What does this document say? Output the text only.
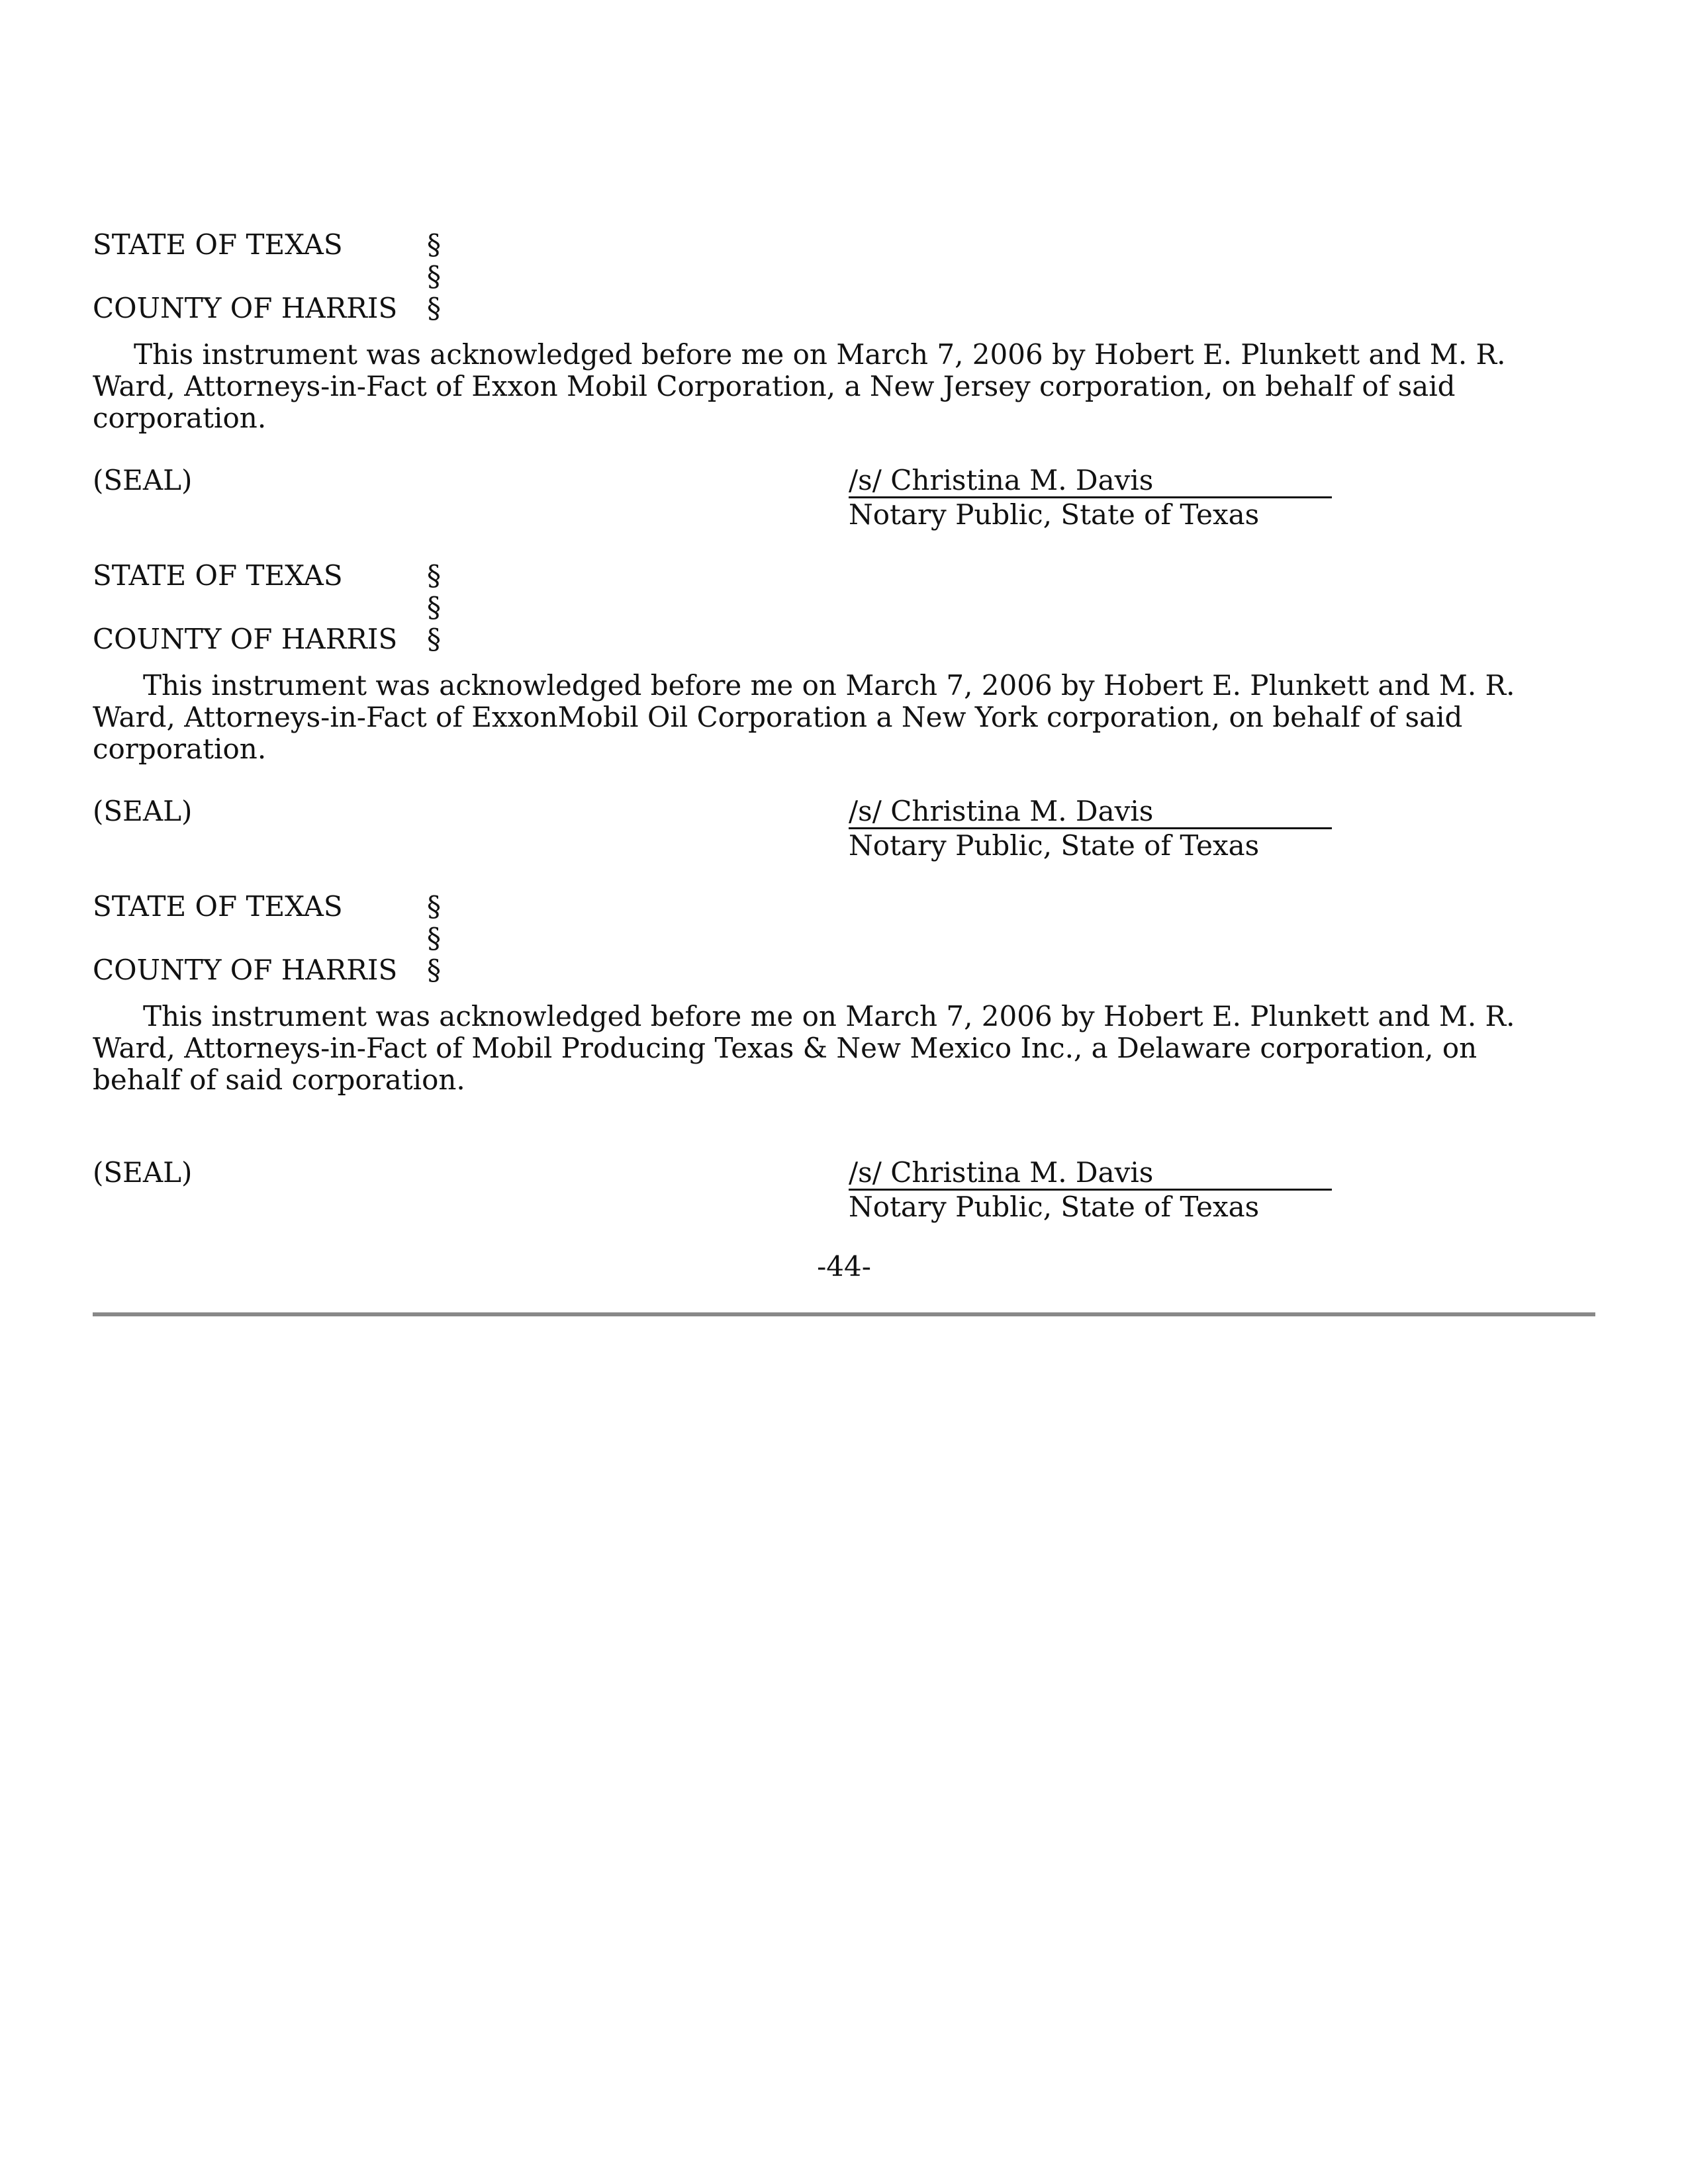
STATE OF TEXAS	§
§
COUNTY OF HARRIS §
This instrument was acknowledged before me on March 7, 2006 by Hobert E. Plunkett and M. R. Ward, Attorneys-in-Fact of Exxon Mobil Corporation, a New Jersey corporation, on behalf of said corporation.
(SEAL)	/s/ Christina M. Davis
Notary Public, State of Texas
STATE OF TEXAS	§
§
COUNTY OF HARRIS §
This instrument was acknowledged before me on March 7, 2006 by Hobert E. Plunkett and M. R. Ward, Attorneys-in-Fact of ExxonMobil Oil Corporation a New York corporation, on behalf of said corporation.
(SEAL)	/s/ Christina M. Davis
Notary Public, State of Texas
STATE OF TEXAS	§
§
COUNTY OF HARRIS §
This instrument was acknowledged before me on March 7, 2006 by Hobert E. Plunkett and M. R. Ward, Attorneys-in-Fact of Mobil Producing Texas & New Mexico Inc., a Delaware corporation, on behalf of said corporation.
(SEAL)	/s/ Christina M. Davis
Notary Public, State of Texas
-44-
